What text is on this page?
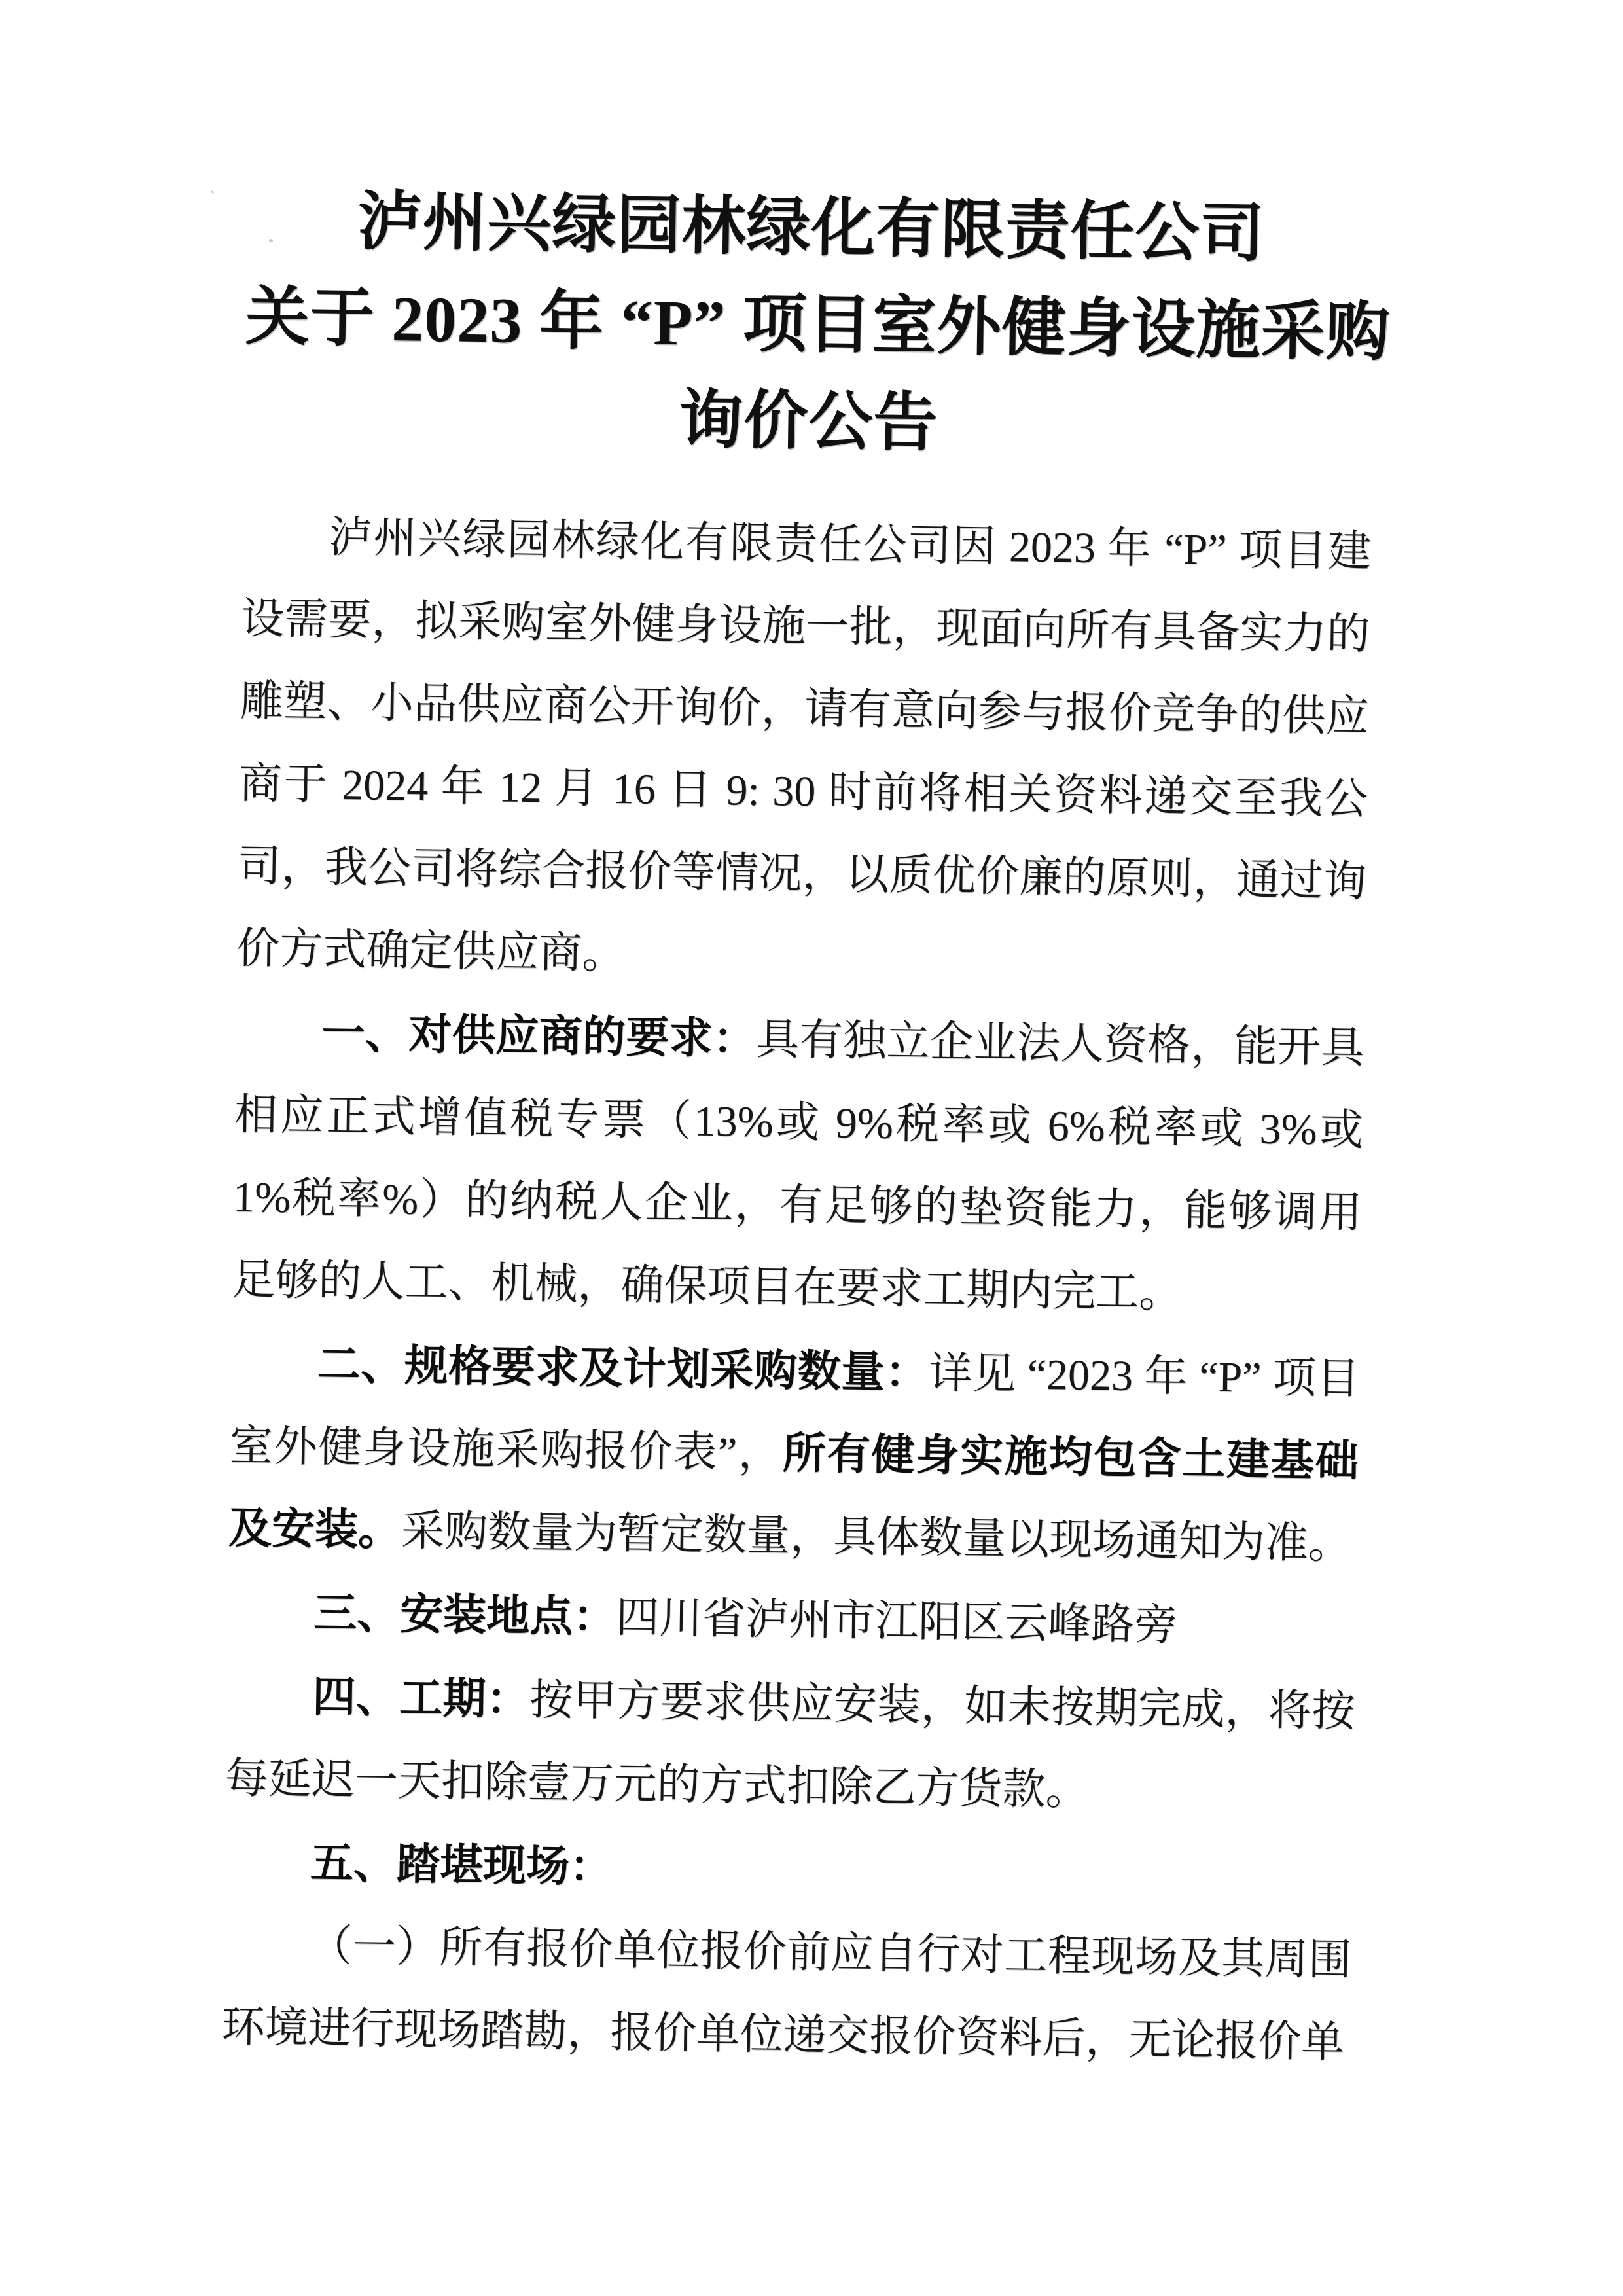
泸州兴绿园林绿化有限责任公司
关于 2023 年 “P” 项目室外健身设施采购
询价公告

泸州兴绿园林绿化有限责任公司因 2023 年 “P” 项目建设需要，拟采购室外健身设施一批，现面向所有具备实力的雕塑、小品供应商公开询价，请有意向参与报价竞争的供应商于 2024 年 12 月 16 日 9: 30 时前将相关资料递交至我公司，我公司将综合报价等情况，以质优价廉的原则，通过询价方式确定供应商。

一、对供应商的要求：具有独立企业法人资格，能开具相应正式增值税专票（13%或 9%税率或 6%税率或 3%或 1%税率%）的纳税人企业，有足够的垫资能力，能够调用足够的人工、机械，确保项目在要求工期内完工。

二、规格要求及计划采购数量：详见 “2023 年 “P” 项目室外健身设施采购报价表”，所有健身实施均包含土建基础及安装。采购数量为暂定数量，具体数量以现场通知为准。

三、安装地点：四川省泸州市江阳区云峰路旁

四、工期：按甲方要求供应安装，如未按期完成，将按每延迟一天扣除壹万元的方式扣除乙方货款。

五、踏堪现场：

（一）所有报价单位报价前应自行对工程现场及其周围环境进行现场踏勘，报价单位递交报价资料后，无论报价单
